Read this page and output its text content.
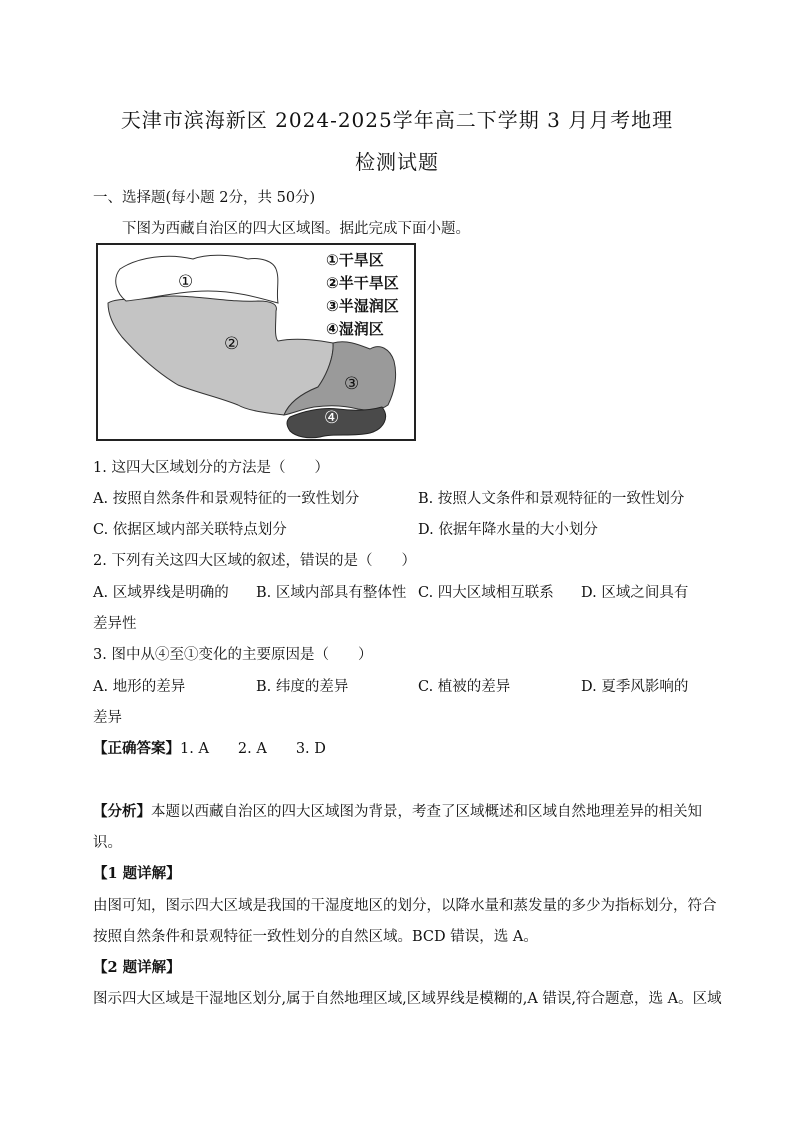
天津市滨海新区 2024-2025学年高二下学期 3 月月考地理
检测试题
一、选择题(每小题 2分，共 50分)
下图为西藏自治区的四大区域图。据此完成下面小题。
①
②
③
④
①干旱区
②半干旱区
③半湿润区
④湿润区
1. 这四大区域划分的方法是（　　）
A. 按照自然条件和景观特征的一致性划分	B. 按照人文条件和景观特征的一致性划分
C. 依据区域内部关联特点划分	D. 依据年降水量的大小划分
2. 下列有关这四大区域的叙述，错误的是（　　）
A. 区域界线是明确的 B. 区域内部具有整体性 C. 四大区域相互联系 D. 区域之间具有
差异性
3. 图中从④至①变化的主要原因是（　　）
A. 地形的差异	B. 纬度的差异	C. 植被的差异	D. 夏季风影响的
差异
【正确答案】1. A　　2. A　　3. D
【分析】本题以西藏自治区的四大区域图为背景，考查了区域概述和区域自然地理差异的相关知
识。
【1 题详解】
由图可知，图示四大区域是我国的干湿度地区的划分，以降水量和蒸发量的多少为指标划分，符合
按照自然条件和景观特征一致性划分的自然区域。BCD 错误，选 A。
【2 题详解】
图示四大区域是干湿地区划分,属于自然地理区域,区域界线是模糊的,A 错误,符合题意，选 A。区域
